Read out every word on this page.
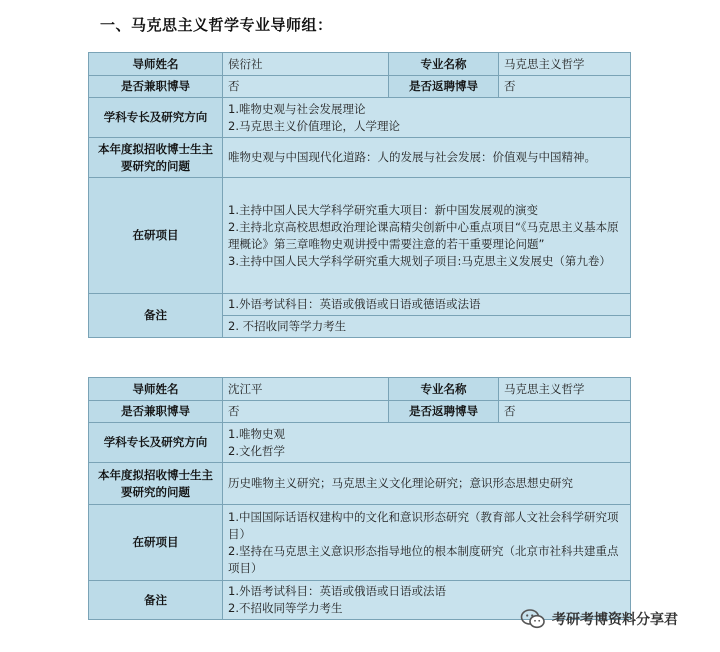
一、马克思主义哲学专业导师组：
导师姓名	侯衍社	专业名称	马克思主义哲学
是否兼职博导	否	是否返聘博导	否
学科专长及研究方向	1.唯物史观与社会发展理论
2.马克思主义价值理论，人学理论		

本年度拟招收博士生主要研究的问题	唯物史观与中国现代化道路：人的发展与社会发展：价值观与中国精神。		
在研项目	1.主持中国人民大学科学研究重大项目：新中国发展观的演变
2.主持北京高校思想政治理论课高精尖创新中心重点项目“《马克思主义基本原理概论》第三章唯物史观讲授中需要注意的若干重要理论问题”
3.主持中国人民大学科学研究重大规划子项目:马克思主义发展史（第九卷）		

备注	1.外语考试科目：英语或俄语或日语或德语或法语		
	2. 不招收同等学力考生		
导师姓名	沈江平	专业名称	马克思主义哲学
是否兼职博导	否	是否返聘博导	否
学科专长及研究方向	1.唯物史观
2.文化哲学		

本年度拟招收博士生主要研究的问题	历史唯物主义研究；马克思主义文化理论研究；意识形态思想史研究		
在研项目	1.中国国际话语权建构中的文化和意识形态研究（教育部人文社会科学研究项目）
2.坚持在马克思主义意识形态指导地位的根本制度研究（北京市社科共建重点项目）		

备注	1.外语考试科目：英语或俄语或日语或法语
2.不招收同等学力考生		
考研考博资料分享君
